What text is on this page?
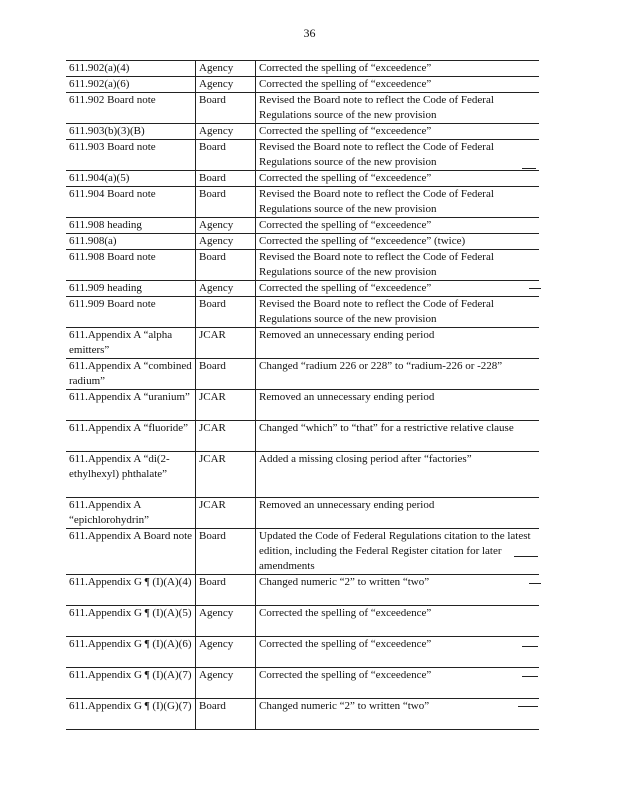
36
611.902(a)(4)	Agency	Corrected the spelling of “exceedence”
611.902(a)(6)	Agency	Corrected the spelling of “exceedence”
611.902 Board note	Board	Revised the Board note to reflect the Code of Federal Regulations source of the new provision
611.903(b)(3)(B)	Agency	Corrected the spelling of “exceedence”
611.903 Board note	Board	Revised the Board note to reflect the Code of Federal Regulations source of the new provision
611.904(a)(5)	Board	Corrected the spelling of “exceedence”
611.904 Board note	Board	Revised the Board note to reflect the Code of Federal Regulations source of the new provision
611.908 heading	Agency	Corrected the spelling of “exceedence”
611.908(a)	Agency	Corrected the spelling of “exceedence” (twice)
611.908 Board note	Board	Revised the Board note to reflect the Code of Federal Regulations source of the new provision
611.909 heading	Agency	Corrected the spelling of “exceedence”
611.909 Board note	Board	Revised the Board note to reflect the Code of Federal Regulations source of the new provision
611.Appendix A “alpha emitters”	JCAR	Removed an unnecessary ending period
611.Appendix A “combined radium”	Board	Changed “radium 226 or 228” to “radium-226 or -228”
611.Appendix A “uranium”	JCAR	Removed an unnecessary ending period
611.Appendix A “fluoride”	JCAR	Changed “which” to “that” for a restrictive relative clause
611.Appendix A “di(2-ethylhexyl) phthalate”	JCAR	Added a missing closing period after “factories”
611.Appendix A “epichlorohydrin”	JCAR	Removed an unnecessary ending period
611.Appendix A Board note	Board	Updated the Code of Federal Regulations citation to the latest edition, including the Federal Register citation for later amendments
611.Appendix G ¶ (I)(A)(4)	Board	Changed numeric “2” to written “two”
611.Appendix G ¶ (I)(A)(5)	Agency	Corrected the spelling of “exceedence”
611.Appendix G ¶ (I)(A)(6)	Agency	Corrected the spelling of “exceedence”
611.Appendix G ¶ (I)(A)(7)	Agency	Corrected the spelling of “exceedence”
611.Appendix G ¶ (I)(G)(7)	Board	Changed numeric “2” to written “two”
